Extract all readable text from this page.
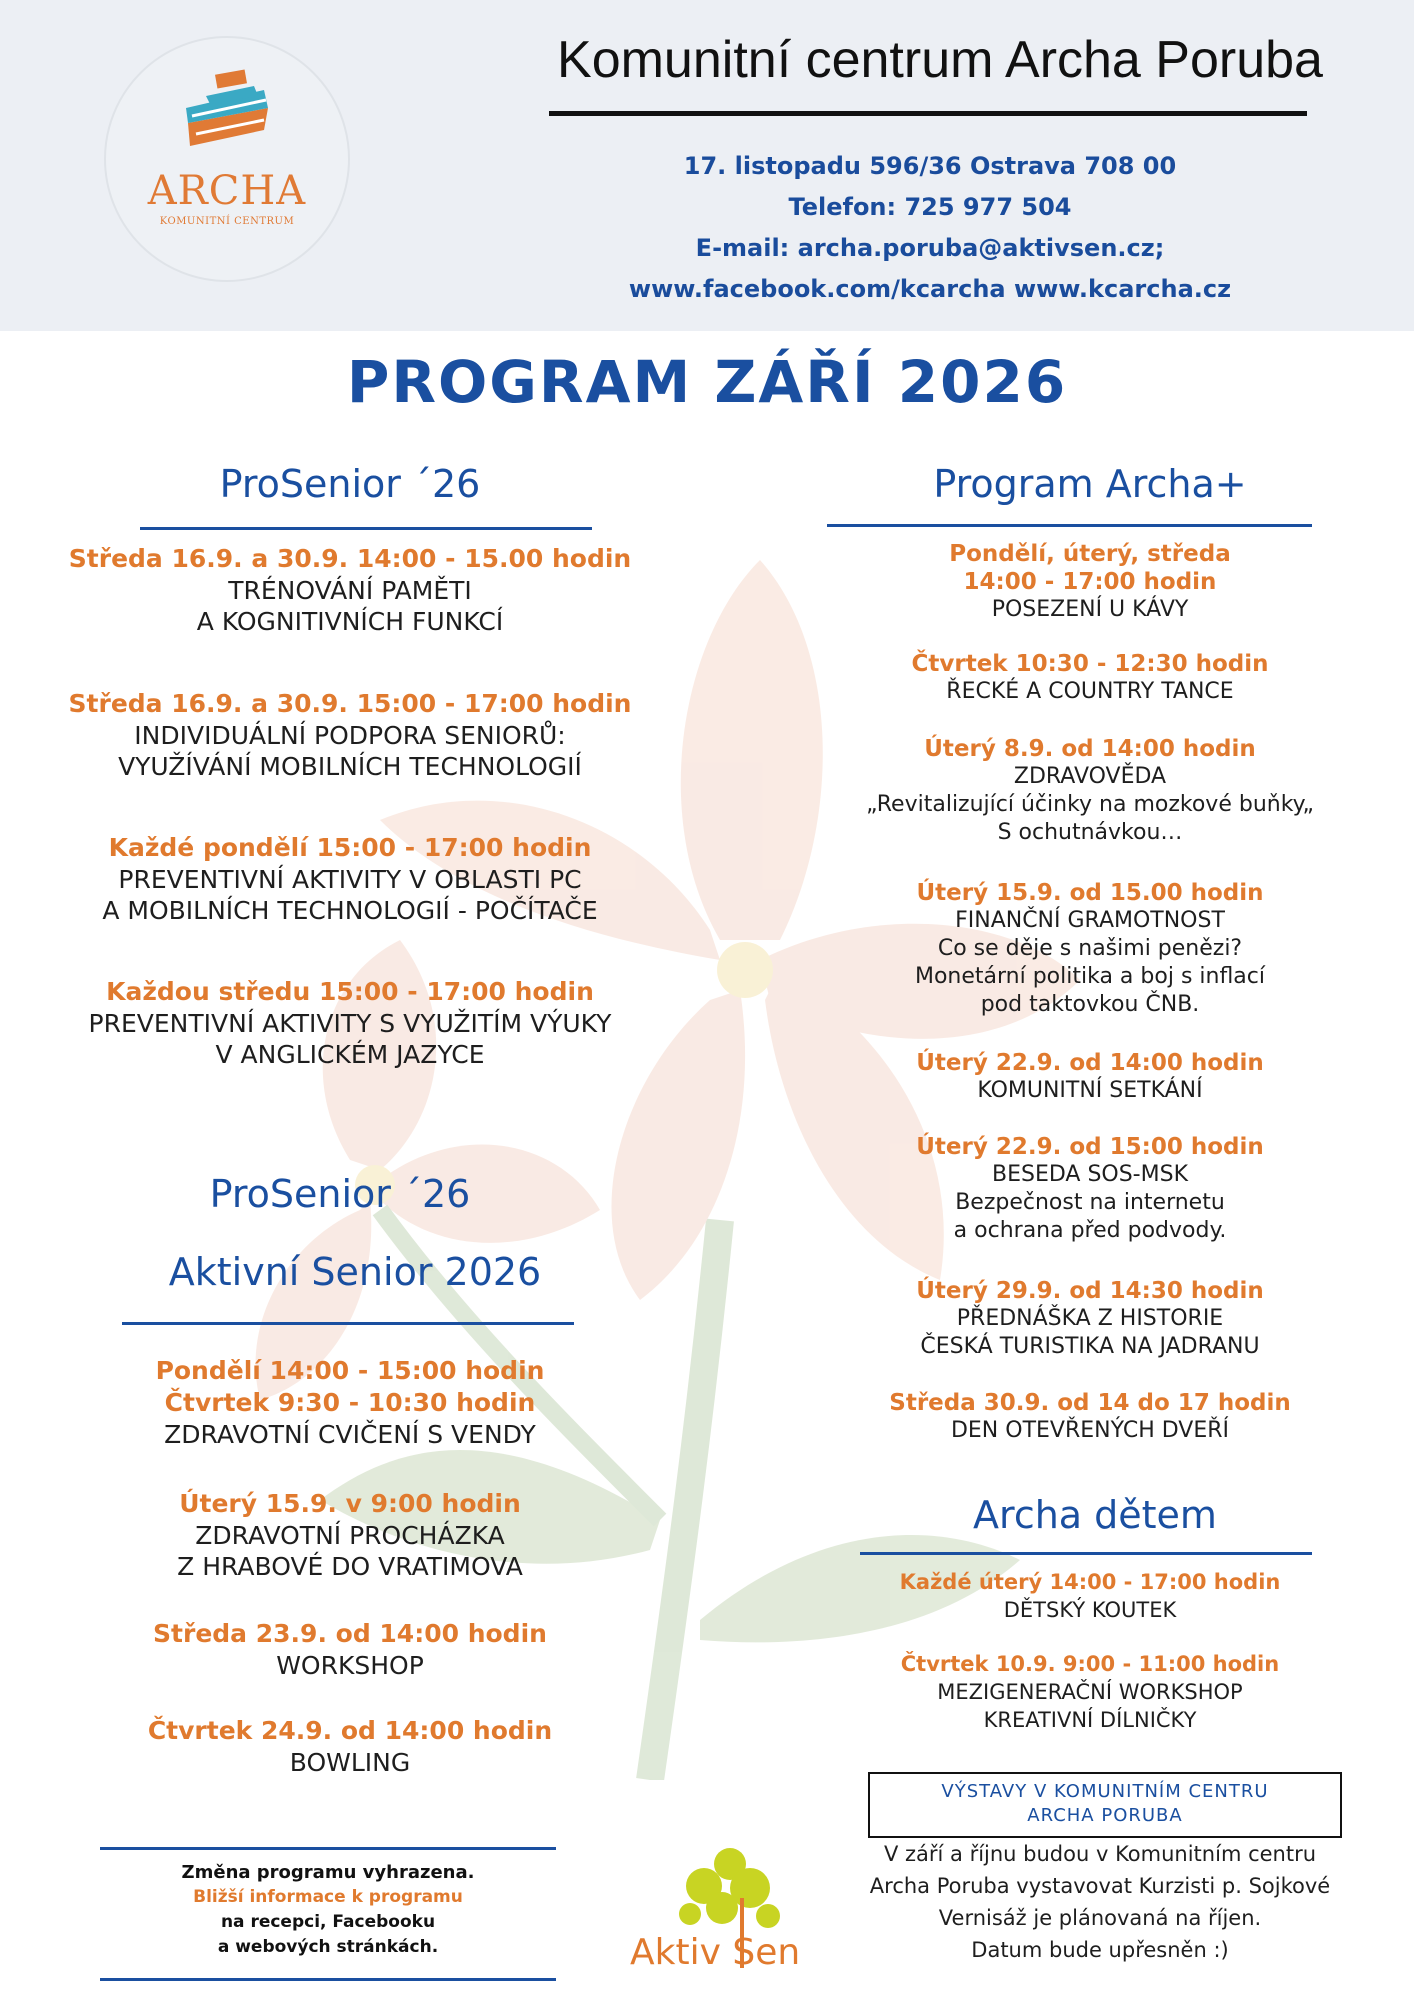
ARCHA
KOMUNITNÍ CENTRUM
Komunitní centrum Archa Poruba
17. listopadu 596/36 Ostrava 708 00
Telefon: 725 977 504
E-mail: archa.poruba@aktivsen.cz;
www.facebook.com/kcarcha www.kcarcha.cz
PROGRAM ZÁŘÍ 2026
ProSenior ´26
Středa 16.9. a 30.9. 14:00 - 15.00 hodin
TRÉNOVÁNÍ PAMĚTI
A KOGNITIVNÍCH FUNKCÍ
Středa 16.9. a 30.9. 15:00 - 17:00 hodin
INDIVIDUÁLNÍ PODPORA SENIORŮ:
VYUŽÍVÁNÍ MOBILNÍCH TECHNOLOGIÍ
Každé pondělí 15:00 - 17:00 hodin
PREVENTIVNÍ AKTIVITY V OBLASTI PC
A MOBILNÍCH TECHNOLOGIÍ - POČÍTAČE
Každou středu 15:00 - 17:00 hodin
PREVENTIVNÍ AKTIVITY S VYUŽITÍM VÝUKY
V ANGLICKÉM JAZYCE
ProSenior ´26
Aktivní Senior 2026
Pondělí 14:00 - 15:00 hodin
Čtvrtek 9:30 - 10:30 hodin
ZDRAVOTNÍ CVIČENÍ S VENDY
Úterý 15.9. v 9:00 hodin
ZDRAVOTNÍ PROCHÁZKA
Z HRABOVÉ DO VRATIMOVA
Středa 23.9. od 14:00 hodin
WORKSHOP
Čtvrtek 24.9. od 14:00 hodin
BOWLING
Program Archa+
Pondělí, úterý, středa
14:00 - 17:00 hodin
POSEZENÍ U KÁVY
Čtvrtek 10:30 - 12:30 hodin
ŘECKÉ A COUNTRY TANCE
Úterý 8.9. od 14:00 hodin
ZDRAVOVĚDA
„Revitalizující účinky na mozkové buňky„
S ochutnávkou…
Úterý 15.9. od 15.00 hodin
FINANČNÍ GRAMOTNOST
Co se děje s našimi penězi?
Monetární politika a boj s inflací
pod taktovkou ČNB.
Úterý 22.9. od 14:00 hodin
KOMUNITNÍ SETKÁNÍ
Úterý 22.9. od 15:00 hodin
BESEDA SOS-MSK
Bezpečnost na internetu
a ochrana před podvody.
Úterý 29.9. od 14:30 hodin
PŘEDNÁŠKA Z HISTORIE
ČESKÁ TURISTIKA NA JADRANU
Středa 30.9. od 14 do 17 hodin
DEN OTEVŘENÝCH DVEŘÍ
Archa dětem
Každé úterý 14:00 - 17:00 hodin
DĚTSKÝ KOUTEK
Čtvrtek 10.9. 9:00 - 11:00 hodin
MEZIGENERAČNÍ WORKSHOP
KREATIVNÍ DÍLNIČKY
VÝSTAVY V KOMUNITNÍM CENTRU
ARCHA PORUBA
V září a říjnu budou v Komunitním centru
Archa Poruba vystavovat Kurzisti p. Sojkové
Vernisáž je plánovaná na říjen.
Datum bude upřesněn :)
Změna programu vyhrazena.
Bližší informace k programu
na recepci, Facebooku
a webových stránkách.	Aktiv Sen
